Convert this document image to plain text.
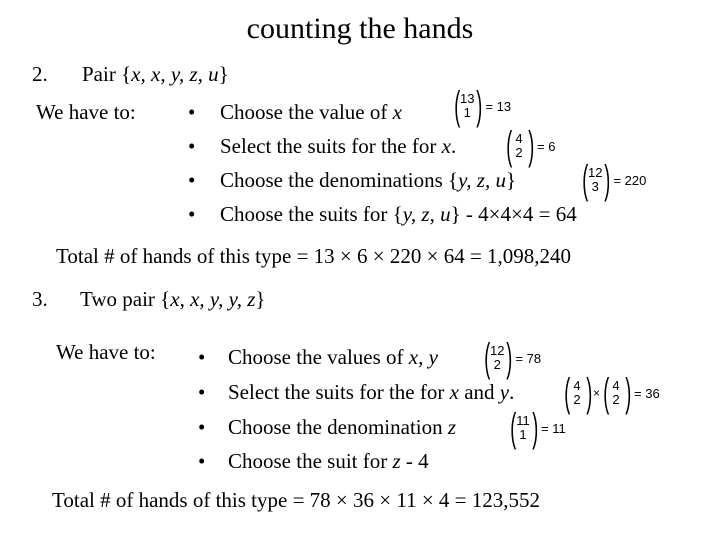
counting the hands
2. Pair {x, x, y, z, u}
We have to: • Choose the value of x
• Select the suits for the for x.
• Choose the denominations {y, z, u}
• Choose the suits for {y, z, u} - 4×4×4 = 64
( 13
1 ) = 13
( 4
2 ) = 6
( 12
3 ) = 220
Total # of hands of this type = 13 × 6 × 220 × 64 = 1,098,240
3. Two pair {x, x, y, y, z}
We have to: • Choose the values of x, y
• Select the suits for the for x and y.
• Choose the denomination z
• Choose the suit for z - 4
( 12
2 ) = 78
( 4
2 ) × ( 4
2 ) = 36
( 11
1 ) = 11
Total # of hands of this type = 78 × 36 × 11 × 4 = 123,552
